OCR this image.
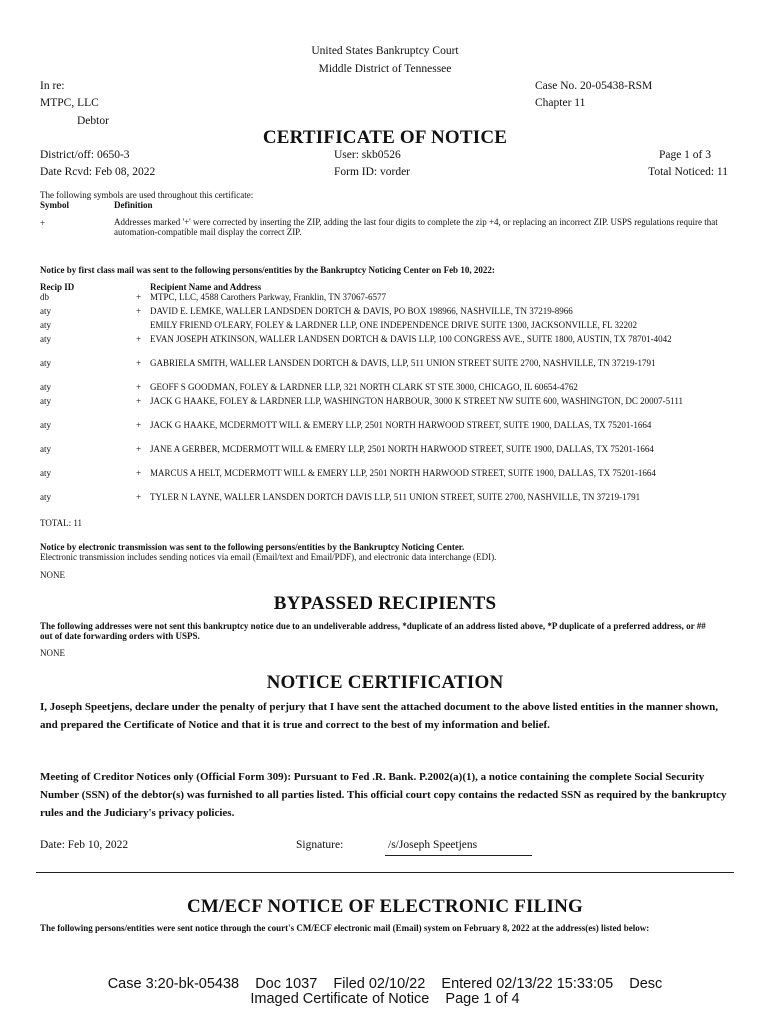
United States Bankruptcy Court
Middle District of Tennessee
In re:
MTPC, LLC
Debtor
Case No. 20-05438-RSM
Chapter 11
CERTIFICATE OF NOTICE
District/off: 0650-3
Date Rcvd: Feb 08, 2022
User: skb0526
Form ID: vorder
Page 1 of 3
Total Noticed: 11
The following symbols are used throughout this certificate:
Symbol	Definition
+	Addresses marked '+' were corrected by inserting the ZIP, adding the last four digits to complete the zip +4, or replacing an incorrect ZIP. USPS regulations require that automation-compatible mail display the correct ZIP.
Notice by first class mail was sent to the following persons/entities by the Bankruptcy Noticing Center on Feb 10, 2022:
Recip ID	Recipient Name and Address
db	+ MTPC, LLC, 4588 Carothers Parkway, Franklin, TN 37067-6577
aty	+ DAVID E. LEMKE, WALLER LANDSDEN DORTCH & DAVIS, PO BOX 198966, NASHVILLE, TN 37219-8966
aty	EMILY FRIEND O'LEARY, FOLEY & LARDNER LLP, ONE INDEPENDENCE DRIVE SUITE 1300, JACKSONVILLE, FL 32202
aty	+ EVAN JOSEPH ATKINSON, WALLER LANDSEN DORTCH & DAVIS LLP, 100 CONGRESS AVE., SUITE 1800, AUSTIN, TX 78701-4042
aty	+ GABRIELA SMITH, WALLER LANSDEN DORTCH & DAVIS, LLP, 511 UNION STREET SUITE 2700, NASHVILLE, TN 37219-1791
aty	+ GEOFF S GOODMAN, FOLEY & LARDNER LLP, 321 NORTH CLARK ST STE 3000, CHICAGO, IL 60654-4762
aty	+ JACK G HAAKE, FOLEY & LARDNER LLP, WASHINGTON HARBOUR, 3000 K STREET NW SUITE 600, WASHINGTON, DC 20007-5111
aty	+ JACK G HAAKE, MCDERMOTT WILL & EMERY LLP, 2501 NORTH HARWOOD STREET, SUITE 1900, DALLAS, TX 75201-1664
aty	+ JANE A GERBER, MCDERMOTT WILL & EMERY LLP, 2501 NORTH HARWOOD STREET, SUITE 1900, DALLAS, TX 75201-1664
aty	+ MARCUS A HELT, MCDERMOTT WILL & EMERY LLP, 2501 NORTH HARWOOD STREET, SUITE 1900, DALLAS, TX 75201-1664
aty	+ TYLER N LAYNE, WALLER LANSDEN DORTCH DAVIS LLP, 511 UNION STREET, SUITE 2700, NASHVILLE, TN 37219-1791
TOTAL: 11
Notice by electronic transmission was sent to the following persons/entities by the Bankruptcy Noticing Center.
Electronic transmission includes sending notices via email (Email/text and Email/PDF), and electronic data interchange (EDI).
NONE
BYPASSED RECIPIENTS
The following addresses were not sent this bankruptcy notice due to an undeliverable address, *duplicate of an address listed above, *P duplicate of a preferred address, or ## out of date forwarding orders with USPS.
NONE
NOTICE CERTIFICATION
I, Joseph Speetjens, declare under the penalty of perjury that I have sent the attached document to the above listed entities in the manner shown, and prepared the Certificate of Notice and that it is true and correct to the best of my information and belief.
Meeting of Creditor Notices only (Official Form 309): Pursuant to Fed .R. Bank. P.2002(a)(1), a notice containing the complete Social Security Number (SSN) of the debtor(s) was furnished to all parties listed. This official court copy contains the redacted SSN as required by the bankruptcy rules and the Judiciary's privacy policies.
Date: Feb 10, 2022	Signature:	/s/Joseph Speetjens
CM/ECF NOTICE OF ELECTRONIC FILING
The following persons/entities were sent notice through the court's CM/ECF electronic mail (Email) system on February 8, 2022 at the address(es) listed below:
Case 3:20-bk-05438    Doc 1037    Filed 02/10/22    Entered 02/13/22 15:33:05    Desc
Imaged Certificate of Notice    Page 1 of 4
